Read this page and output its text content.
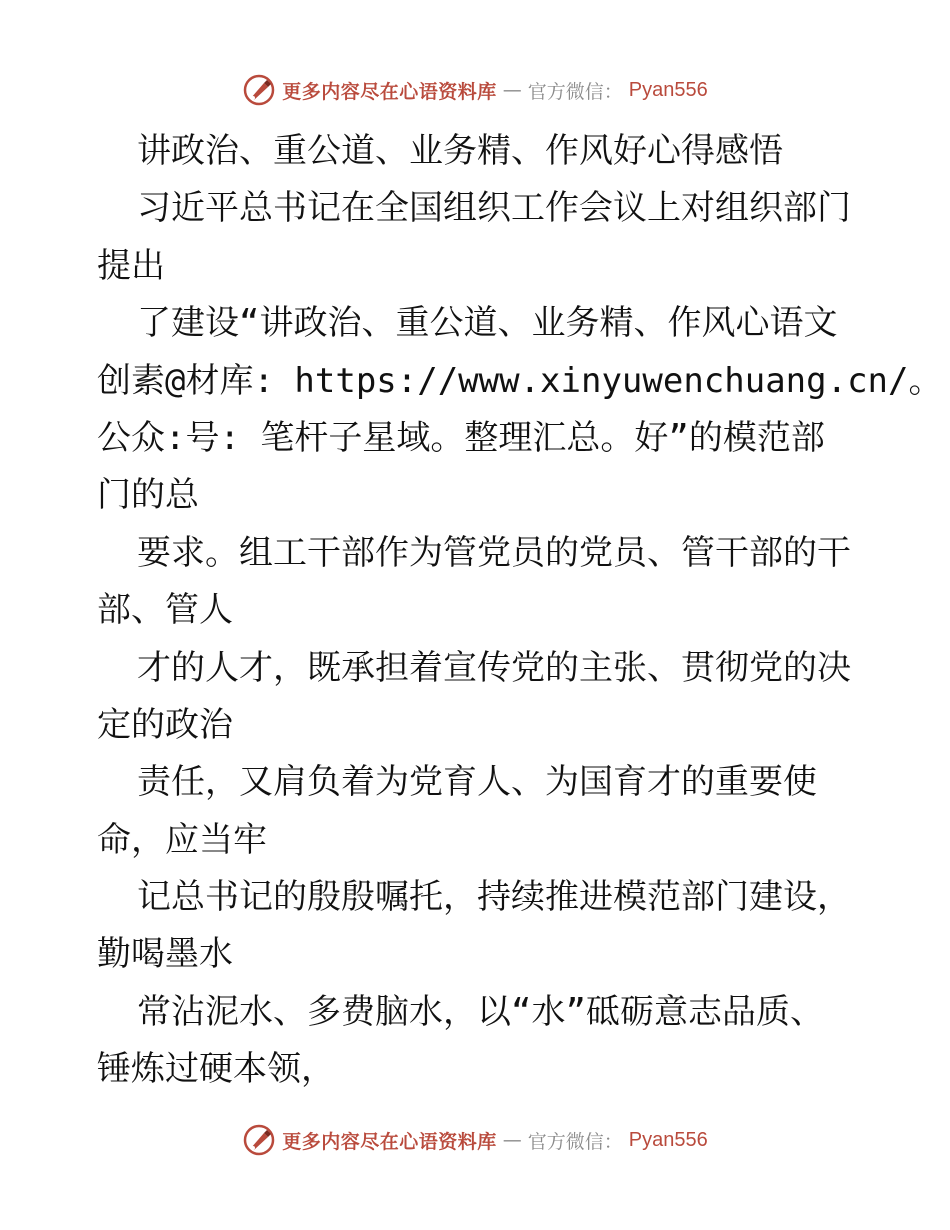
更多内容尽在心语资料库 — 官方微信： Pyan556
讲政治、重公道、业务精、作风好心得感悟
习近平总书记在全国组织工作会议上对组织部门
提出
了建设“讲政治、重公道、业务精、作风心语文
创素@材库: https://www.xinyuwenchuang.cn/。
公众:号: 笔杆子星域。整理汇总。好”的模范部
门的总
要求。组工干部作为管党员的党员、管干部的干
部、管人
才的人才，既承担着宣传党的主张、贯彻党的决
定的政治
责任，又肩负着为党育人、为国育才的重要使
命，应当牢
记总书记的殷殷嘱托，持续推进模范部门建设，
勤喝墨水
常沾泥水、多费脑水，以“水”砥砺意志品质、
锤炼过硬本领，
更多内容尽在心语资料库 — 官方微信： Pyan556
